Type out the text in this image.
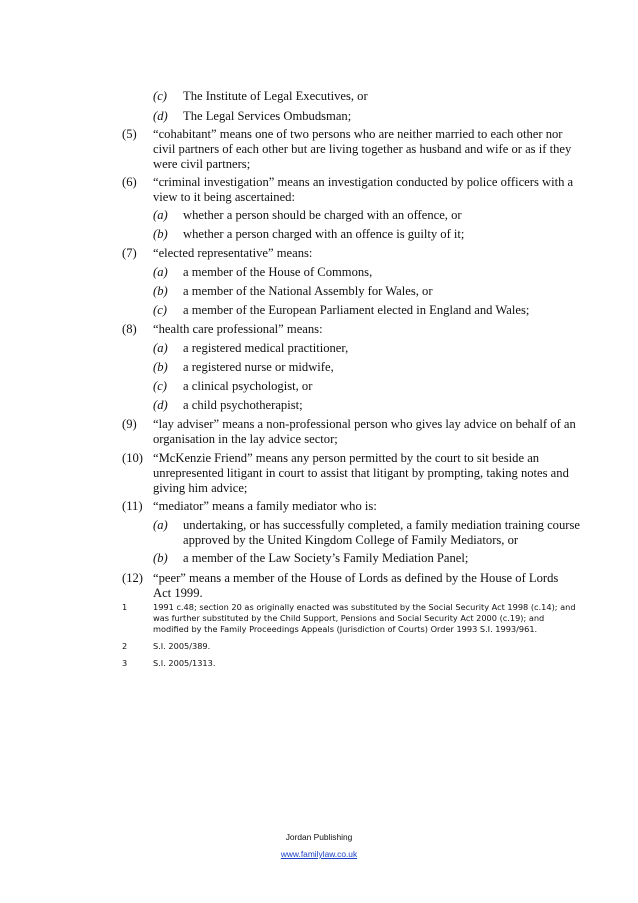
(c) The Institute of Legal Executives, or
(d) The Legal Services Ombudsman;
(5) “cohabitant” means one of two persons who are neither married to each other nor
civil partners of each other but are living together as husband and wife or as if they
were civil partners;
(6) “criminal investigation” means an investigation conducted by police officers with a
view to it being ascertained:
(a) whether a person should be charged with an offence, or
(b) whether a person charged with an offence is guilty of it;
(7) “elected representative” means:
(a) a member of the House of Commons,
(b) a member of the National Assembly for Wales, or
(c) a member of the European Parliament elected in England and Wales;
(8) “health care professional” means:
(a) a registered medical practitioner,
(b) a registered nurse or midwife,
(c) a clinical psychologist, or
(d) a child psychotherapist;
(9) “lay adviser” means a non-professional person who gives lay advice on behalf of an
organisation in the lay advice sector;
(10) “McKenzie Friend” means any person permitted by the court to sit beside an
unrepresented litigant in court to assist that litigant by prompting, taking notes and
giving him advice;
(11) “mediator” means a family mediator who is:
(a) undertaking, or has successfully completed, a family mediation training course
approved by the United Kingdom College of Family Mediators, or
(b) a member of the Law Society’s Family Mediation Panel;
(12) “peer” means a member of the House of Lords as defined by the House of Lords
Act 1999.
1	1991 c.48; section 20 as originally enacted was substituted by the Social Security Act 1998 (c.14); and
was further substituted by the Child Support, Pensions and Social Security Act 2000 (c.19); and
modified by the Family Proceedings Appeals (Jurisdiction of Courts) Order 1993 S.I. 1993/961.
2	S.I. 2005/389.
3	S.I. 2005/1313.
Jordan Publishing
www.familylaw.co.uk
